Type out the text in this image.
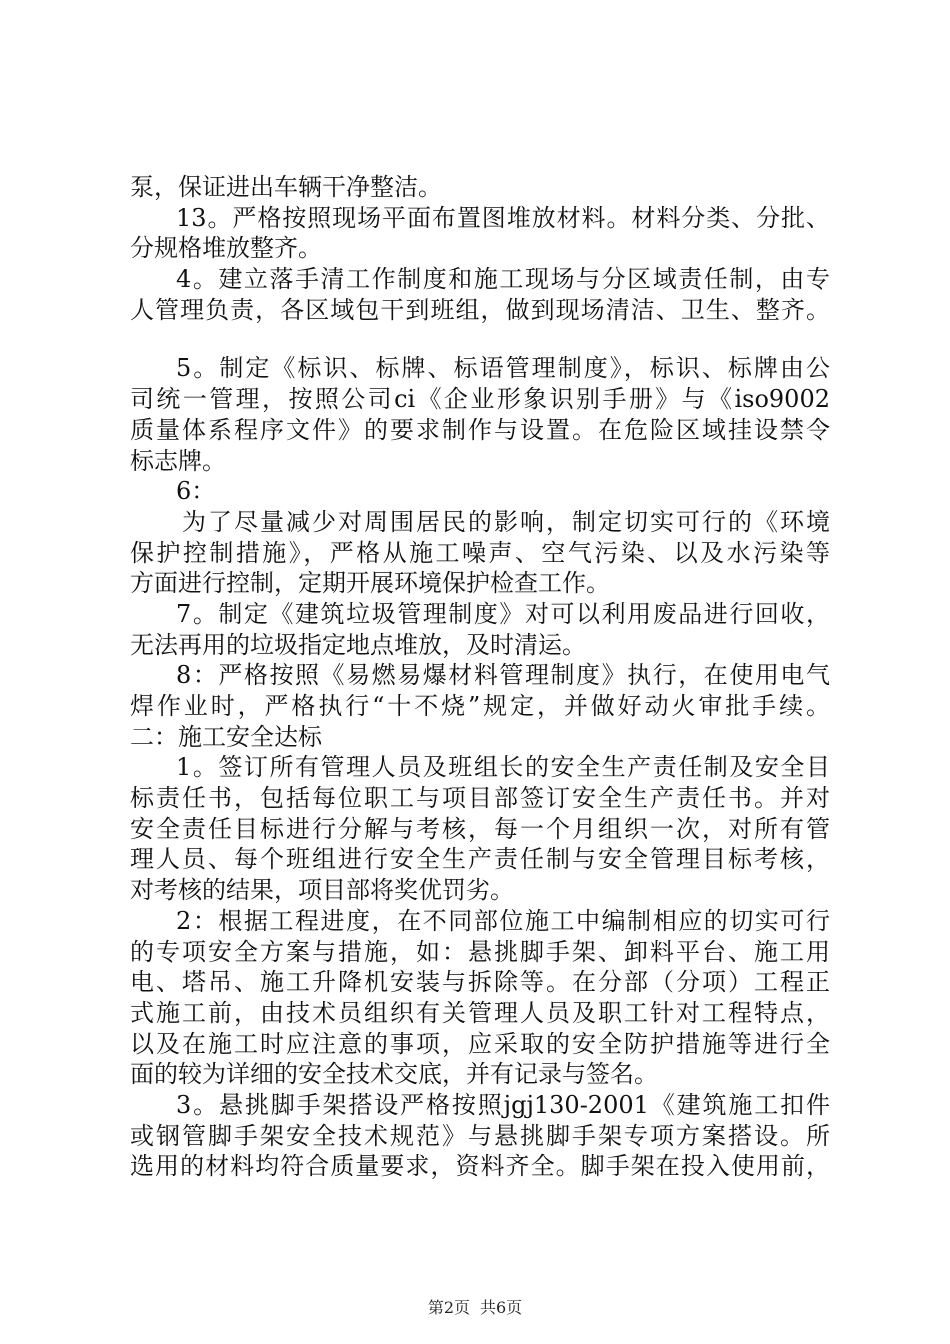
泵，保证进出车辆干净整洁。
13。严格按照现场平面布置图堆放材料。材料分类、分批、
分规格堆放整齐。
4。建立落手清工作制度和施工现场与分区域责任制，由专
人管理负责，各区域包干到班组，做到现场清洁、卫生、整齐。
5。制定《标识、标牌、标语管理制度》，标识、标牌由公
司统一管理，按照公司ci《企业形象识别手册》与《iso9002
质量体系程序文件》的要求制作与设置。在危险区域挂设禁令
标志牌。
6：
为了尽量减少对周围居民的影响，制定切实可行的《环境
保护控制措施》，严格从施工噪声、空气污染、以及水污染等
方面进行控制，定期开展环境保护检查工作。
7。制定《建筑垃圾管理制度》对可以利用废品进行回收，
无法再用的垃圾指定地点堆放，及时清运。
8：严格按照《易燃易爆材料管理制度》执行，在使用电气
焊作业时，严格执行“十不烧”规定，并做好动火审批手续。
二：施工安全达标
1。签订所有管理人员及班组长的安全生产责任制及安全目
标责任书，包括每位职工与项目部签订安全生产责任书。并对
安全责任目标进行分解与考核，每一个月组织一次，对所有管
理人员、每个班组进行安全生产责任制与安全管理目标考核，
对考核的结果，项目部将奖优罚劣。
2：根据工程进度，在不同部位施工中编制相应的切实可行
的专项安全方案与措施，如：悬挑脚手架、卸料平台、施工用
电、塔吊、施工升降机安装与拆除等。在分部（分项）工程正
式施工前，由技术员组织有关管理人员及职工针对工程特点，
以及在施工时应注意的事项，应采取的安全防护措施等进行全
面的较为详细的安全技术交底，并有记录与签名。
3。悬挑脚手架搭设严格按照jgj130-2001《建筑施工扣件
或钢管脚手架安全技术规范》与悬挑脚手架专项方案搭设。所
选用的材料均符合质量要求，资料齐全。脚手架在投入使用前，
第2页 共6页
